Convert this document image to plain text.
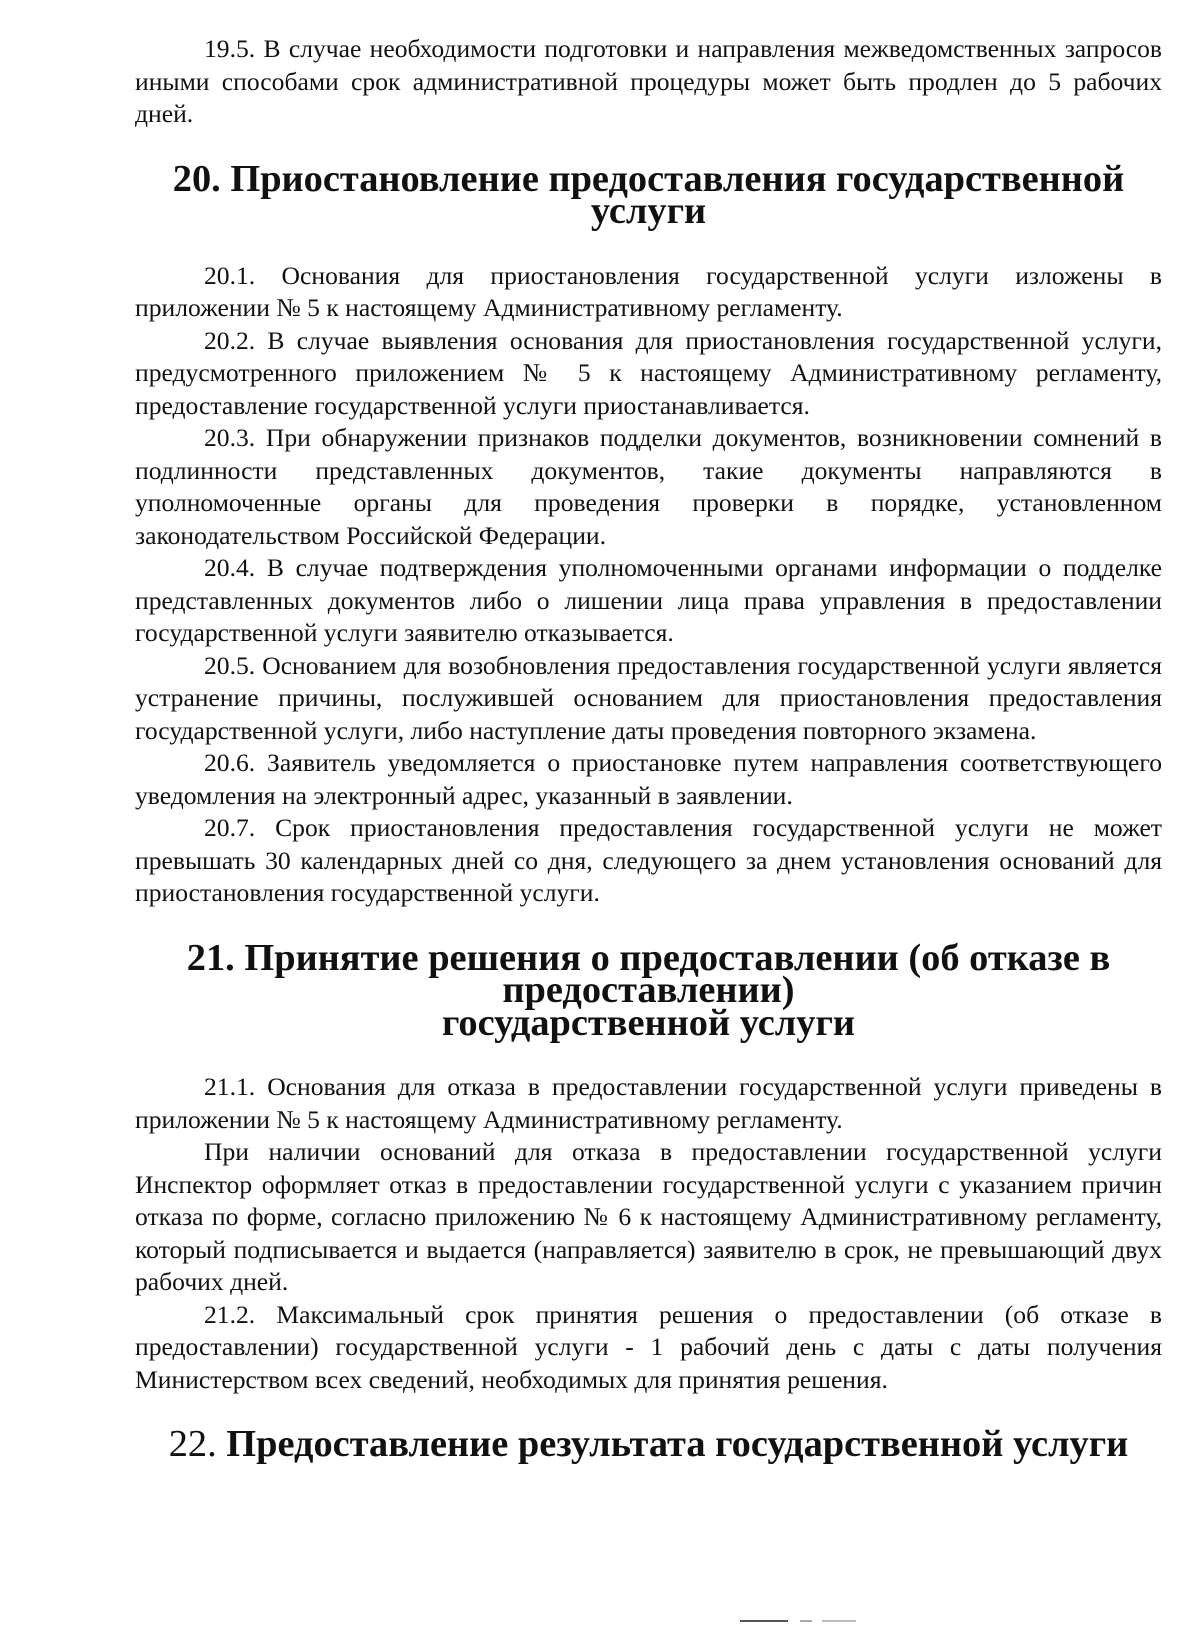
19.5. В случае необходимости подготовки и направления межведомственных запросов иными способами срок административной процедуры может быть продлен до 5 рабочих дней.

20. Приостановление предоставления государственной услуги

20.1. Основания для приостановления государственной услуги изложены в приложении № 5 к настоящему Административному регламенту.

20.2. В случае выявления основания для приостановления государственной услуги, предусмотренного приложением № 5 к настоящему Административному регламенту, предоставление государственной услуги приостанавливается.

20.3. При обнаружении признаков подделки документов, возникновении сомнений в подлинности представленных документов, такие документы направляются в уполномоченные органы для проведения проверки в порядке, установленном законодательством Российской Федерации.

20.4. В случае подтверждения уполномоченными органами информации о подделке представленных документов либо о лишении лица права управления в предоставлении государственной услуги заявителю отказывается.

20.5. Основанием для возобновления предоставления государственной услуги является устранение причины, послужившей основанием для приостановления предоставления государственной услуги, либо наступление даты проведения повторного экзамена.

20.6. Заявитель уведомляется о приостановке путем направления соответствующего уведомления на электронный адрес, указанный в заявлении.

20.7. Срок приостановления предоставления государственной услуги не может превышать 30 календарных дней со дня, следующего за днем установления оснований для приостановления государственной услуги.

21. Принятие решения о предоставлении (об отказе в предоставлении)
государственной услуги

21.1. Основания для отказа в предоставлении государственной услуги приведены в приложении № 5 к настоящему Административному регламенту.

При наличии оснований для отказа в предоставлении государственной услуги Инспектор оформляет отказ в предоставлении государственной услуги с указанием причин отказа по форме, согласно приложению № 6 к настоящему Административному регламенту, который подписывается и выдается (направляется) заявителю в срок, не превышающий двух рабочих дней.

21.2. Максимальный срок принятия решения о предоставлении (об отказе в предоставлении) государственной услуги - 1 рабочий день с даты с даты получения Министерством всех сведений, необходимых для принятия решения.

22. Предоставление результата государственной услуги
